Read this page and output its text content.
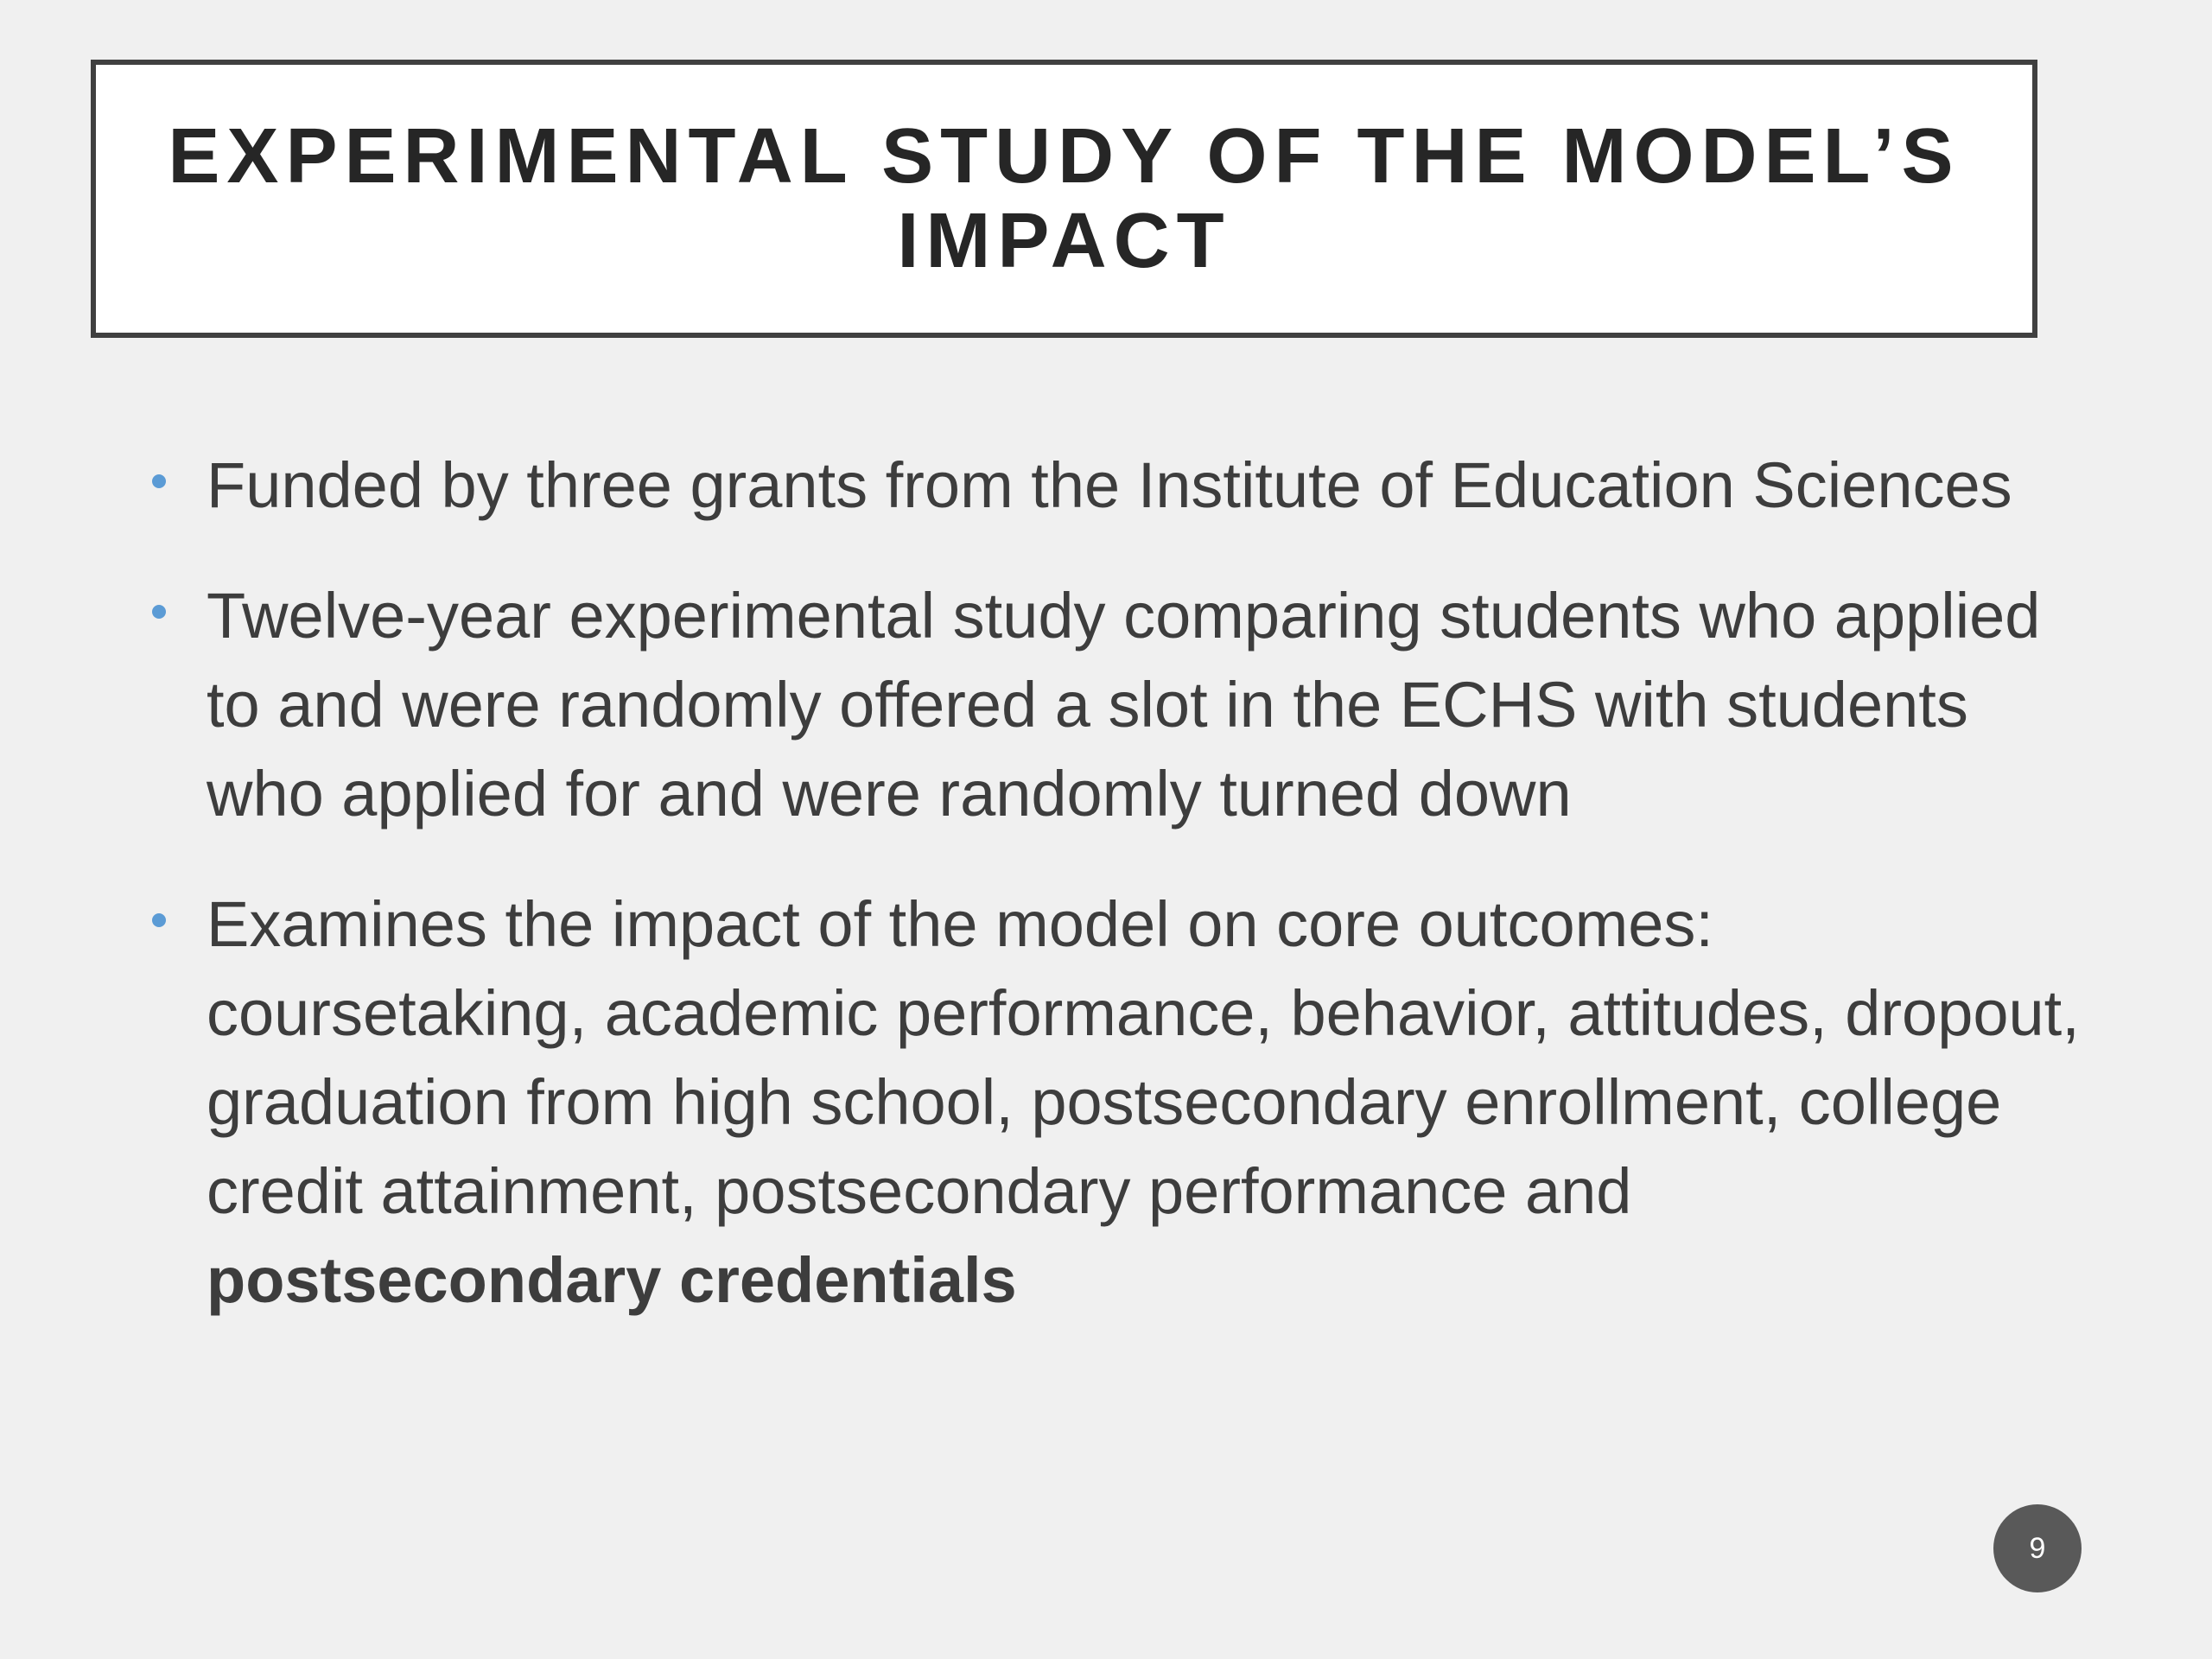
EXPERIMENTAL STUDY OF THE MODEL’S IMPACT
Funded by three grants from the Institute of Education Sciences
Twelve-year experimental study comparing students who applied to and were randomly offered a slot in the ECHS with students who applied for and were randomly turned down
Examines the impact of the model on core outcomes: coursetaking, academic performance, behavior, attitudes, dropout, graduation from high school, postsecondary enrollment, college credit attainment, postsecondary performance and postsecondary credentials
9
